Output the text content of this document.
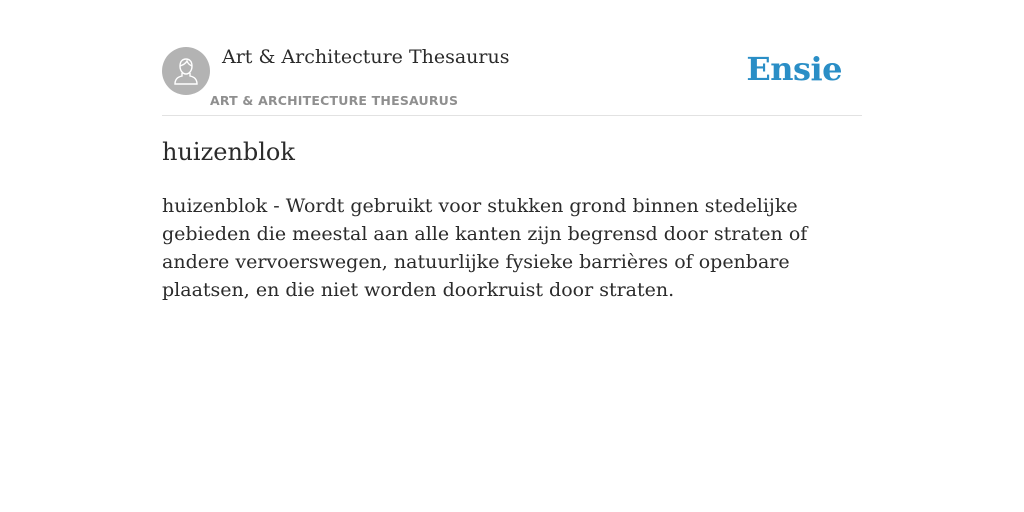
Art & Architecture Thesaurus
ART & ARCHITECTURE THESAURUS
Ensie
huizenblok

huizenblok - Wordt gebruikt voor stukken grond binnen stedelijke gebieden die meestal aan alle kanten zijn begrensd door straten of andere vervoerswegen, natuurlijke fysieke barrières of openbare plaatsen, en die niet worden doorkruist door straten.
